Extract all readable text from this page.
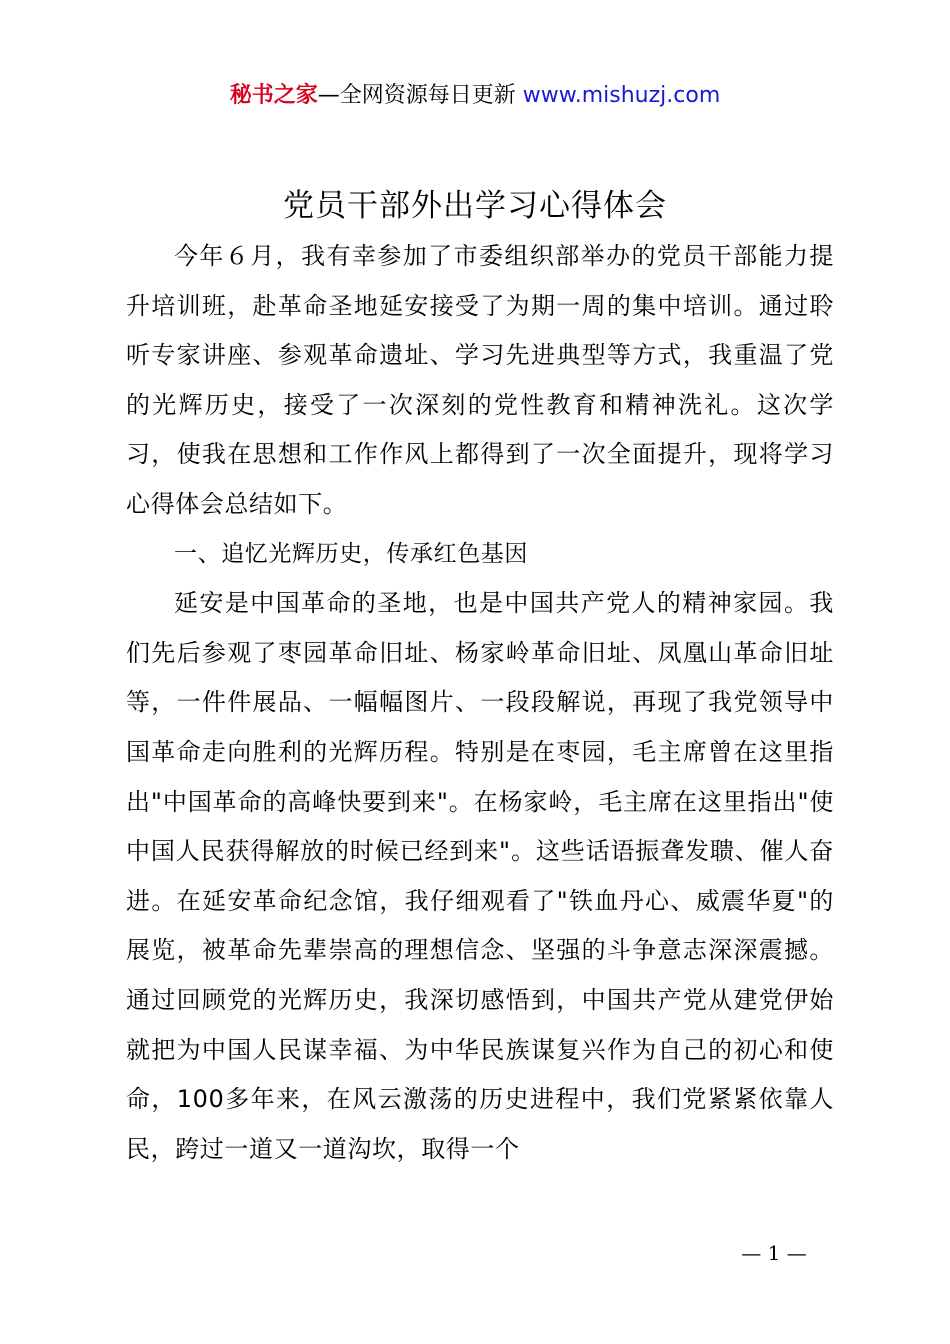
秘书之家—全网资源每日更新 www.mishuzj.com
党员干部外出学习心得体会

今年６月，我有幸参加了市委组织部举办的党员干部能力提升培训班，赴革命圣地延安接受了为期一周的集中培训。通过聆听专家讲座、参观革命遗址、学习先进典型等方式，我重温了党的光辉历史，接受了一次深刻的党性教育和精神洗礼。这次学习，使我在思想和工作作风上都得到了一次全面提升，现将学习心得体会总结如下。

一、追忆光辉历史，传承红色基因

延安是中国革命的圣地，也是中国共产党人的精神家园。我们先后参观了枣园革命旧址、杨家岭革命旧址、凤凰山革命旧址等，一件件展品、一幅幅图片、一段段解说，再现了我党领导中国革命走向胜利的光辉历程。特别是在枣园，毛主席曾在这里指出"中国革命的高峰快要到来"。在杨家岭，毛主席在这里指出"使中国人民获得解放的时候已经到来"。这些话语振聋发聩、催人奋进。在延安革命纪念馆，我仔细观看了"铁血丹心、威震华夏"的展览，被革命先辈崇高的理想信念、坚强的斗争意志深深震撼。通过回顾党的光辉历史，我深切感悟到，中国共产党从建党伊始就把为中国人民谋幸福、为中华民族谋复兴作为自己的初心和使命，100多年来，在风云激荡的历史进程中，我们党紧紧依靠人民，跨过一道又一道沟坎，取得一个

— 1 —
